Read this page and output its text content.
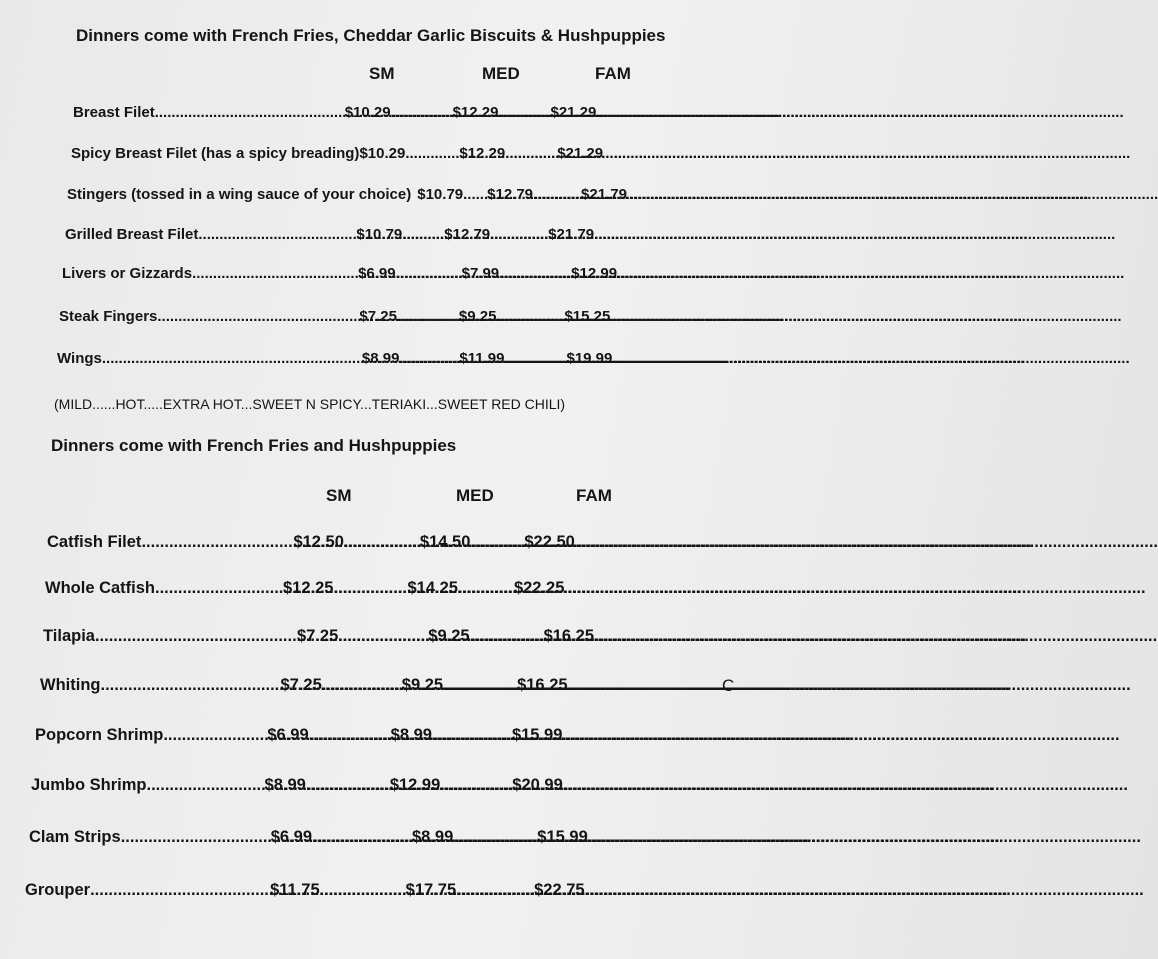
Dinners come with French Fries, Cheddar Garlic Biscuits & Hushpuppies
SM	MED	FAM
Breast Filet .....	$10.29 .....	$12.29 .....	$21.29
Spicy Breast Filet (has a spicy breading) $10.29 .....	$12.29 .....	$21.29
Stingers (tossed in a wing sauce of your choice) $10.79 ..... $12.79 .....	$21.79
Grilled Breast Filet .....	$10.79 .....	$12.79 .....	$21.79
Livers or Gizzards .....	$6.99 .....	$7.99 .....	$12.99
Steak Fingers .....	$7.25 .....	$9.25 .....	$15.25
Wings .....	$8.99 .....	$11.99 .....	$19.99
(MILD......HOT.....EXTRA HOT...SWEET N SPICY...TERIAKI...SWEET RED CHILI)
Dinners come with French Fries and Hushpuppies
SM	MED	FAM
Catfish Filet .....	$12.50 .....	$14.50 .....	$22.50
Whole Catfish .....	$12.25 .....	$14.25 .....	$22.25
Tilapia .....	$7.25 .....	$9.25 .....	$16.25
Whiting .....	$7.25 .....	$9.25 .....	$16.25	C
Popcorn Shrimp .....	$6.99 .....	$8.99 .....	$15.99
Jumbo Shrimp .....	$8.99 .....	$12.99 .....	$20.99
Clam Strips .....	$6.99 .....	$8.99 .....	$15.99
Grouper .....	$11.75 .....	$17.75 .....	$22.75
